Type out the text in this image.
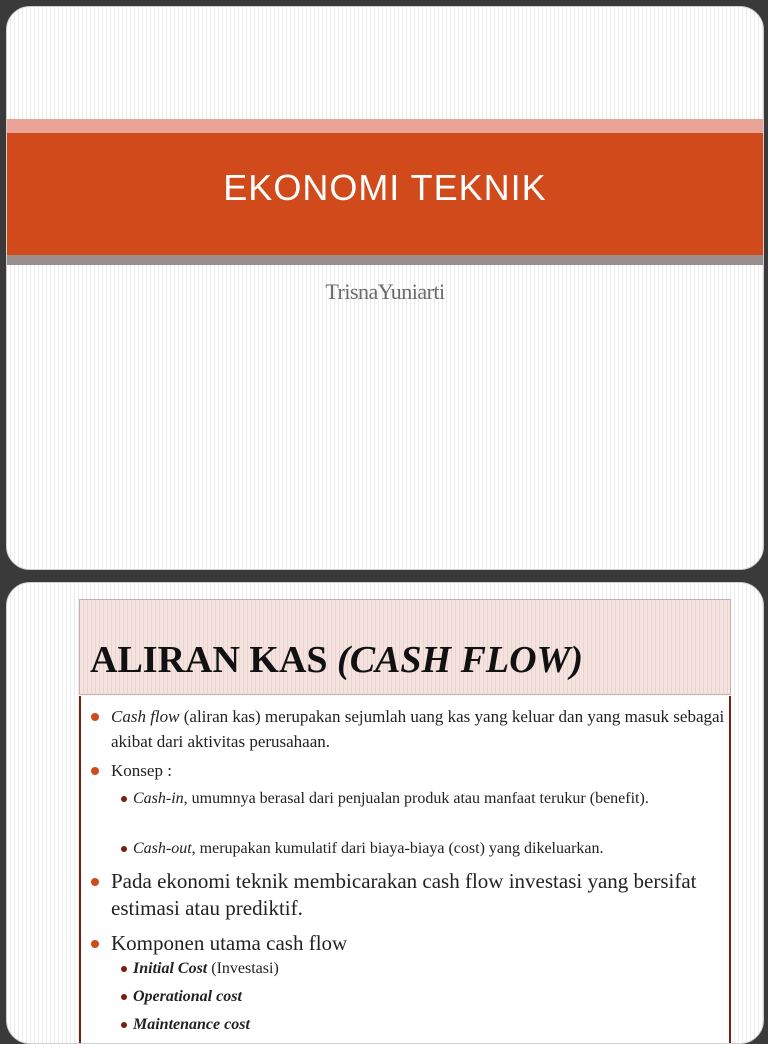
EKONOMI TEKNIK
TrisnaYuniarti
ALIRAN KAS (CASH FLOW)
Cash flow (aliran kas) merupakan sejumlah uang kas yang keluar dan yang masuk sebagai akibat dari aktivitas perusahaan.
Konsep :
Cash-in, umumnya berasal dari penjualan produk atau manfaat terukur (benefit).
Cash-out, merupakan kumulatif dari biaya-biaya (cost) yang dikeluarkan.
Pada ekonomi teknik membicarakan cash flow investasi yang bersifat estimasi atau prediktif.
Komponen utama cash flow
Initial Cost (Investasi)
Operational cost
Maintenance cost
